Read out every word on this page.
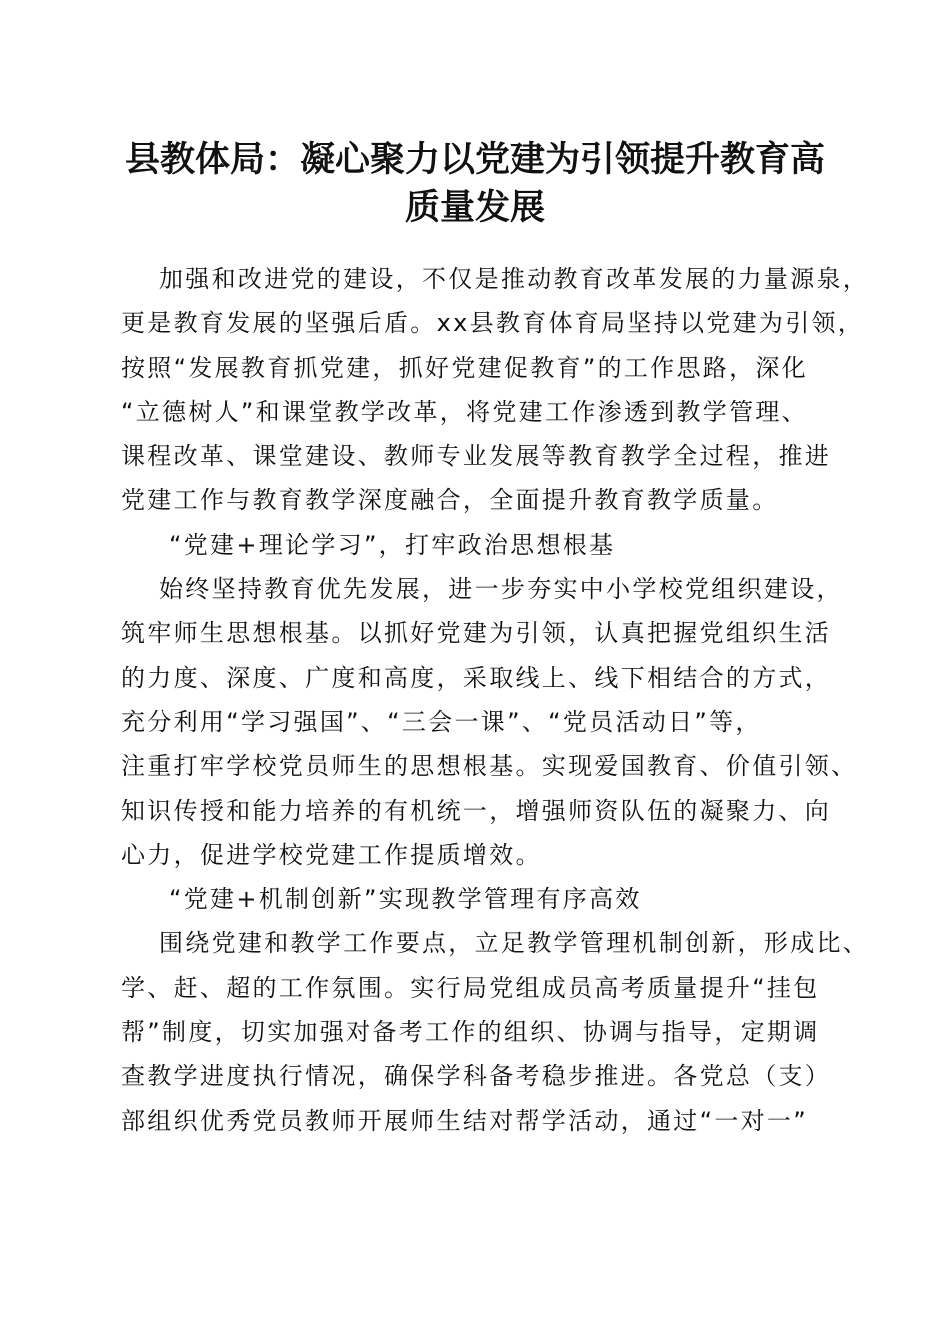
县教体局：凝心聚力以党建为引领提升教育高
质量发展
加强和改进党的建设，不仅是推动教育改革发展的力量源泉，
更是教育发展的坚强后盾。xx县教育体育局坚持以党建为引领，
按照“发展教育抓党建，抓好党建促教育”的工作思路，深化
“立德树人”和课堂教学改革，将党建工作渗透到教学管理、
课程改革、课堂建设、教师专业发展等教育教学全过程，推进
党建工作与教育教学深度融合，全面提升教育教学质量。
“党建+理论学习”，打牢政治思想根基
始终坚持教育优先发展，进一步夯实中小学校党组织建设，
筑牢师生思想根基。以抓好党建为引领，认真把握党组织生活
的力度、深度、广度和高度，采取线上、线下相结合的方式，
充分利用“学习强国”、“三会一课”、“党员活动日”等，
注重打牢学校党员师生的思想根基。实现爱国教育、价值引领、
知识传授和能力培养的有机统一，增强师资队伍的凝聚力、向
心力，促进学校党建工作提质增效。
“党建+机制创新”实现教学管理有序高效
围绕党建和教学工作要点，立足教学管理机制创新，形成比、
学、赶、超的工作氛围。实行局党组成员高考质量提升“挂包
帮”制度，切实加强对备考工作的组织、协调与指导，定期调
查教学进度执行情况，确保学科备考稳步推进。各党总（支）
部组织优秀党员教师开展师生结对帮学活动，通过“一对一”
